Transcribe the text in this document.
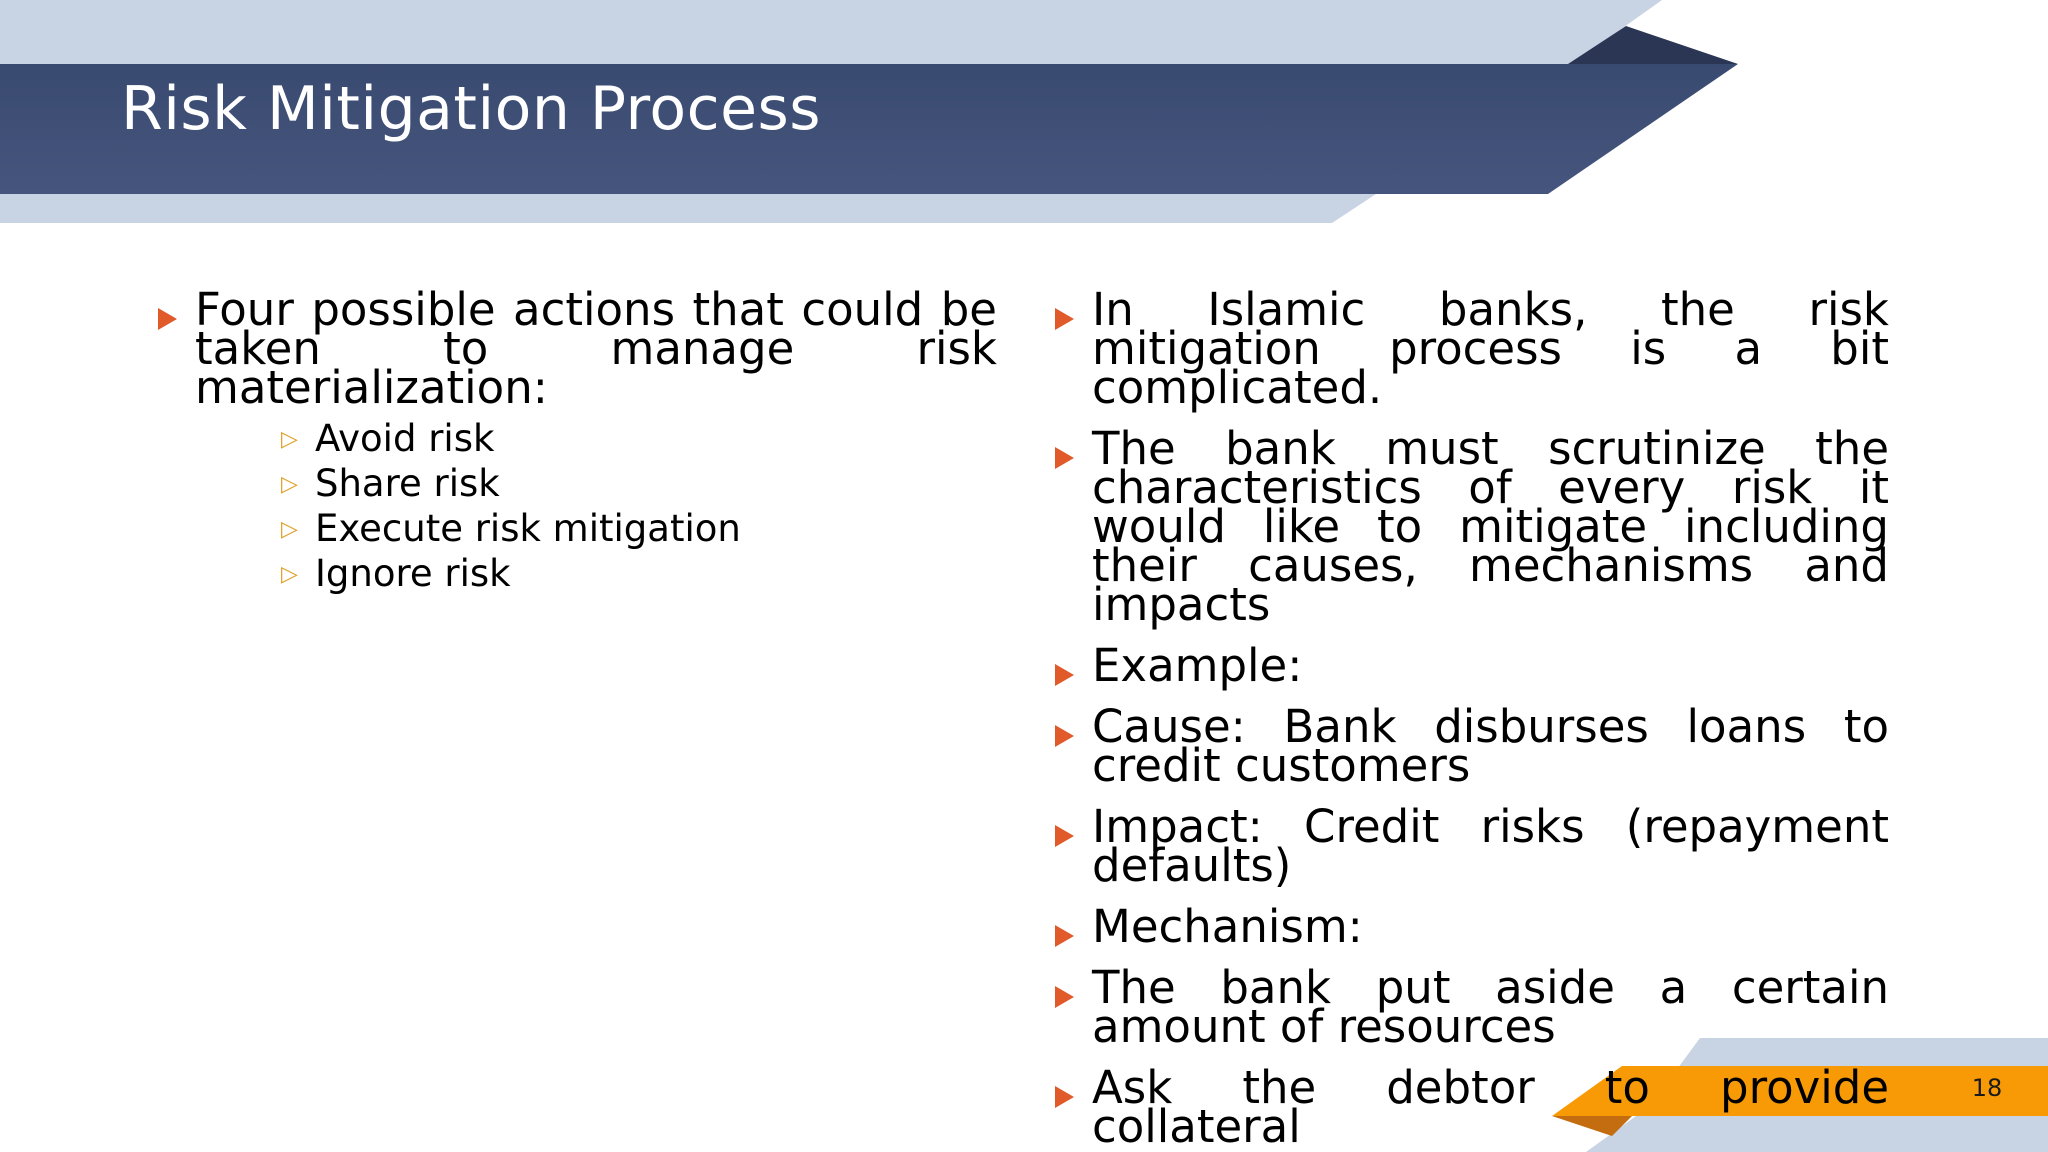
Risk Mitigation Process
Four possible actions that could be taken to manage risk materialization:
▷ Avoid risk
▷ Share risk
▷ Execute risk mitigation
▷ Ignore risk
In Islamic banks, the risk mitigation process is a bit complicated.
The bank must scrutinize the characteristics of every risk it would like to mitigate including their causes, mechanisms and impacts
Example:
Cause: Bank disburses loans to credit customers
Impact: Credit risks (repayment defaults)
Mechanism:
The bank put aside a certain amount of resources
Ask the debtor to provide collateral
18
